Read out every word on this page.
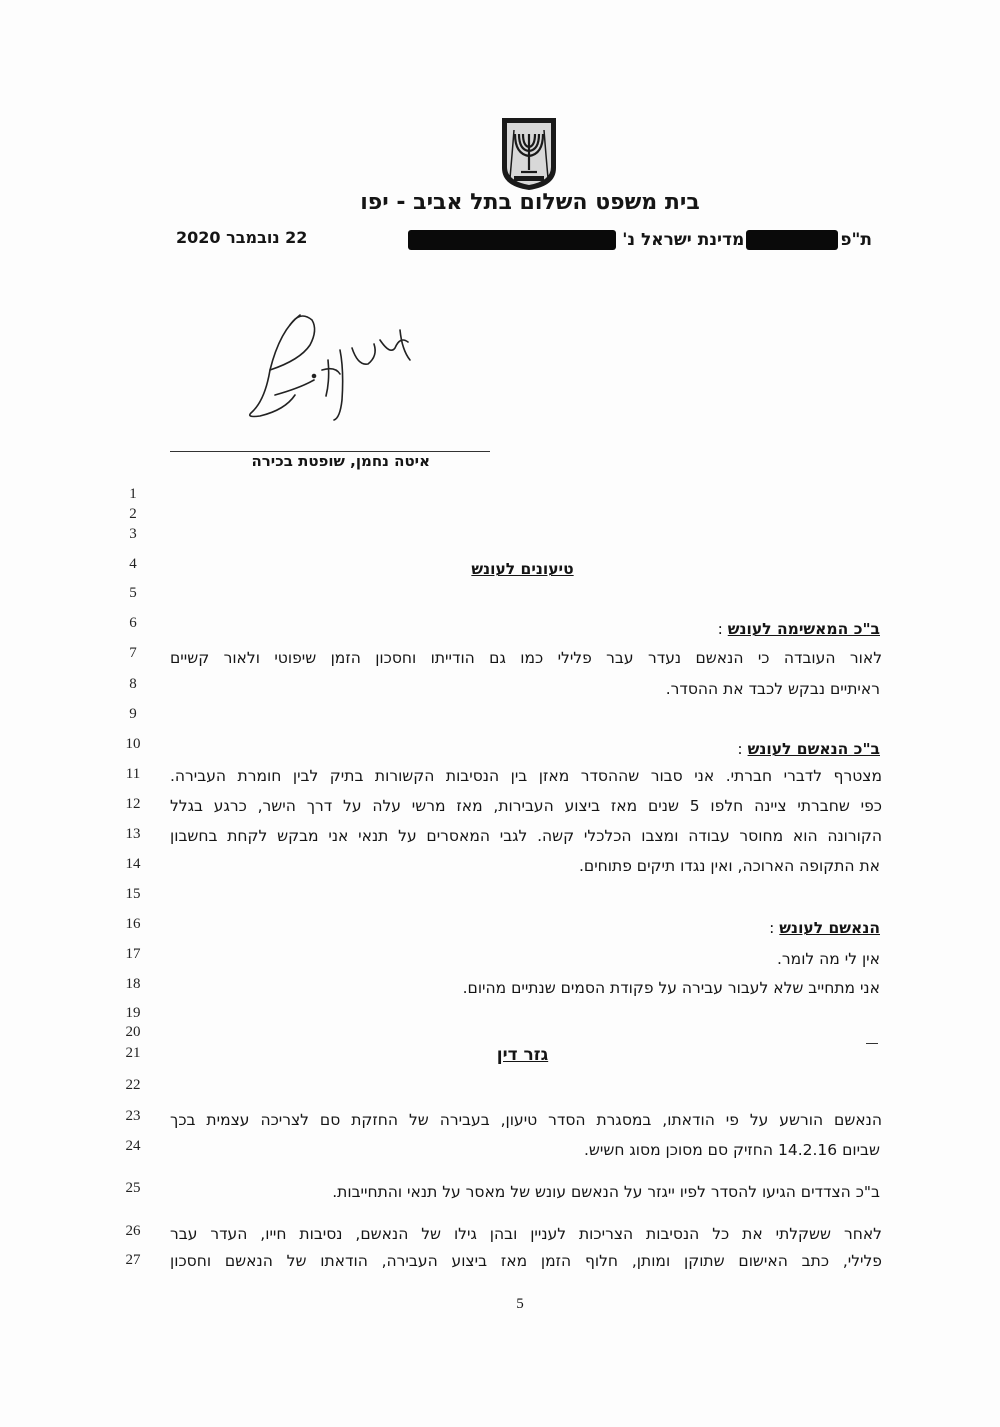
בית משפט השלום בתל אביב - יפו
22 נובמבר 2020	ת"פ
מדינת ישראל נ'
איטה נחמן, שופטת בכירה
1
2
3
4
5
6
7
8
9
10
11
12
13
14
15
16
17
18
19
20
21
22
23
24
25
26
27
טיעונים לעונש
ב"כ המאשימה לעונש :
לאור העובדה כי הנאשם נעדר עבר פלילי כמו גם הודייתו וחסכון הזמן שיפוטי ולאור קשיים
ראיתיים נבקש לכבד את ההסדר.
ב"כ הנאשם לעונש :
מצטרף לדברי חברתי. אני סבור שההסדר מאזן בין הנסיבות הקשורות בתיק לבין חומרת העבירה.
כפי שחברתי ציינה חלפו 5 שנים מאז ביצוע העבירות, מאז מרשי עלה על דרך הישר, כרגע בגלל
הקורונה הוא מחוסר עבודה ומצבו הכלכלי קשה. לגבי המאסרים על תנאי אני מבקש לקחת בחשבון
את התקופה הארוכה, ואין נגדו תיקים פתוחים.
הנאשם לעונש :
אין לי מה לומר.
אני מתחייב שלא לעבור עבירה על פקודת הסמים שנתיים מהיום.
גזר דין
הנאשם הורשע על פי הודאתו, במסגרת הסדר טיעון, בעבירה של החזקת סם לצריכה עצמית בכך
שביום 14.2.16 החזיק סם מסוכן מסוג חשיש.
ב"כ הצדדים הגיעו להסדר לפיו ייגזר על הנאשם עונש של מאסר על תנאי והתחייבות.
לאחר ששקלתי את כל הנסיבות הצריכות לעניין ובהן גילו של הנאשם, נסיבות חייו, העדר עבר
פלילי, כתב האישום שתוקן ומותן, חלוף הזמן מאז ביצוע העבירה, הודאתו של הנאשם וחסכון
5
